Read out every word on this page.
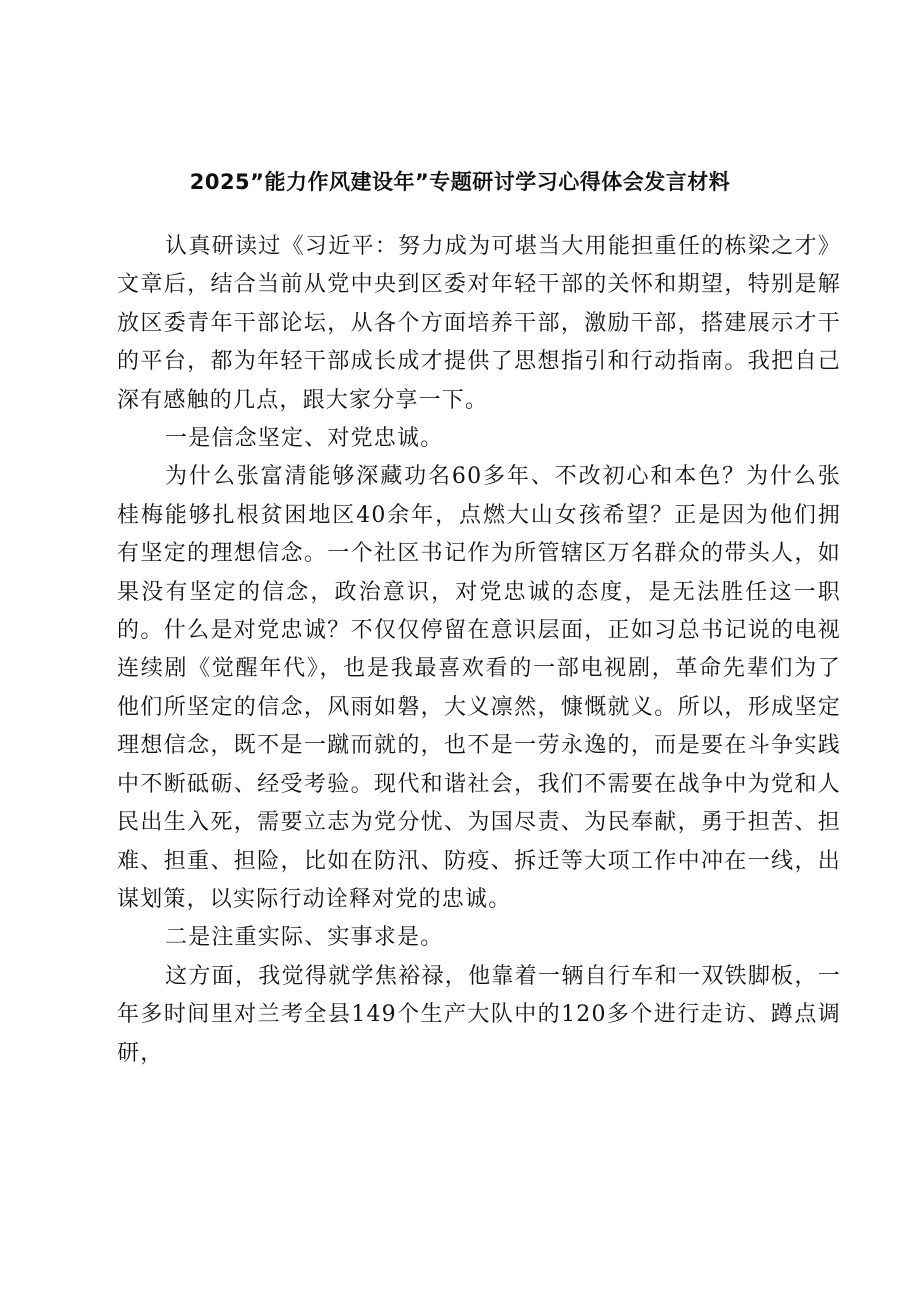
2025”能力作风建设年”专题研讨学习心得体会发言材料

认真研读过《习近平：努力成为可堪当大用能担重任的栋梁之才》文章后，结合当前从党中央到区委对年轻干部的关怀和期望，特别是解放区委青年干部论坛，从各个方面培养干部，激励干部，搭建展示才干的平台，都为年轻干部成长成才提供了思想指引和行动指南。我把自己深有感触的几点，跟大家分享一下。

一是信念坚定、对党忠诚。

为什么张富清能够深藏功名60多年、不改初心和本色？为什么张桂梅能够扎根贫困地区40余年，点燃大山女孩希望？正是因为他们拥有坚定的理想信念。一个社区书记作为所管辖区万名群众的带头人，如果没有坚定的信念，政治意识，对党忠诚的态度，是无法胜任这一职的。什么是对党忠诚？不仅仅停留在意识层面，正如习总书记说的电视连续剧《觉醒年代》，也是我最喜欢看的一部电视剧，革命先辈们为了他们所坚定的信念，风雨如磐，大义凛然，慷慨就义。所以，形成坚定理想信念，既不是一蹴而就的，也不是一劳永逸的，而是要在斗争实践中不断砥砺、经受考验。现代和谐社会，我们不需要在战争中为党和人民出生入死，需要立志为党分忧、为国尽责、为民奉献，勇于担苦、担难、担重、担险，比如在防汛、防疫、拆迁等大项工作中冲在一线，出谋划策，以实际行动诠释对党的忠诚。

二是注重实际、实事求是。

这方面，我觉得就学焦裕禄，他靠着一辆自行车和一双铁脚板，一年多时间里对兰考全县149个生产大队中的120多个进行走访、蹲点调研，
